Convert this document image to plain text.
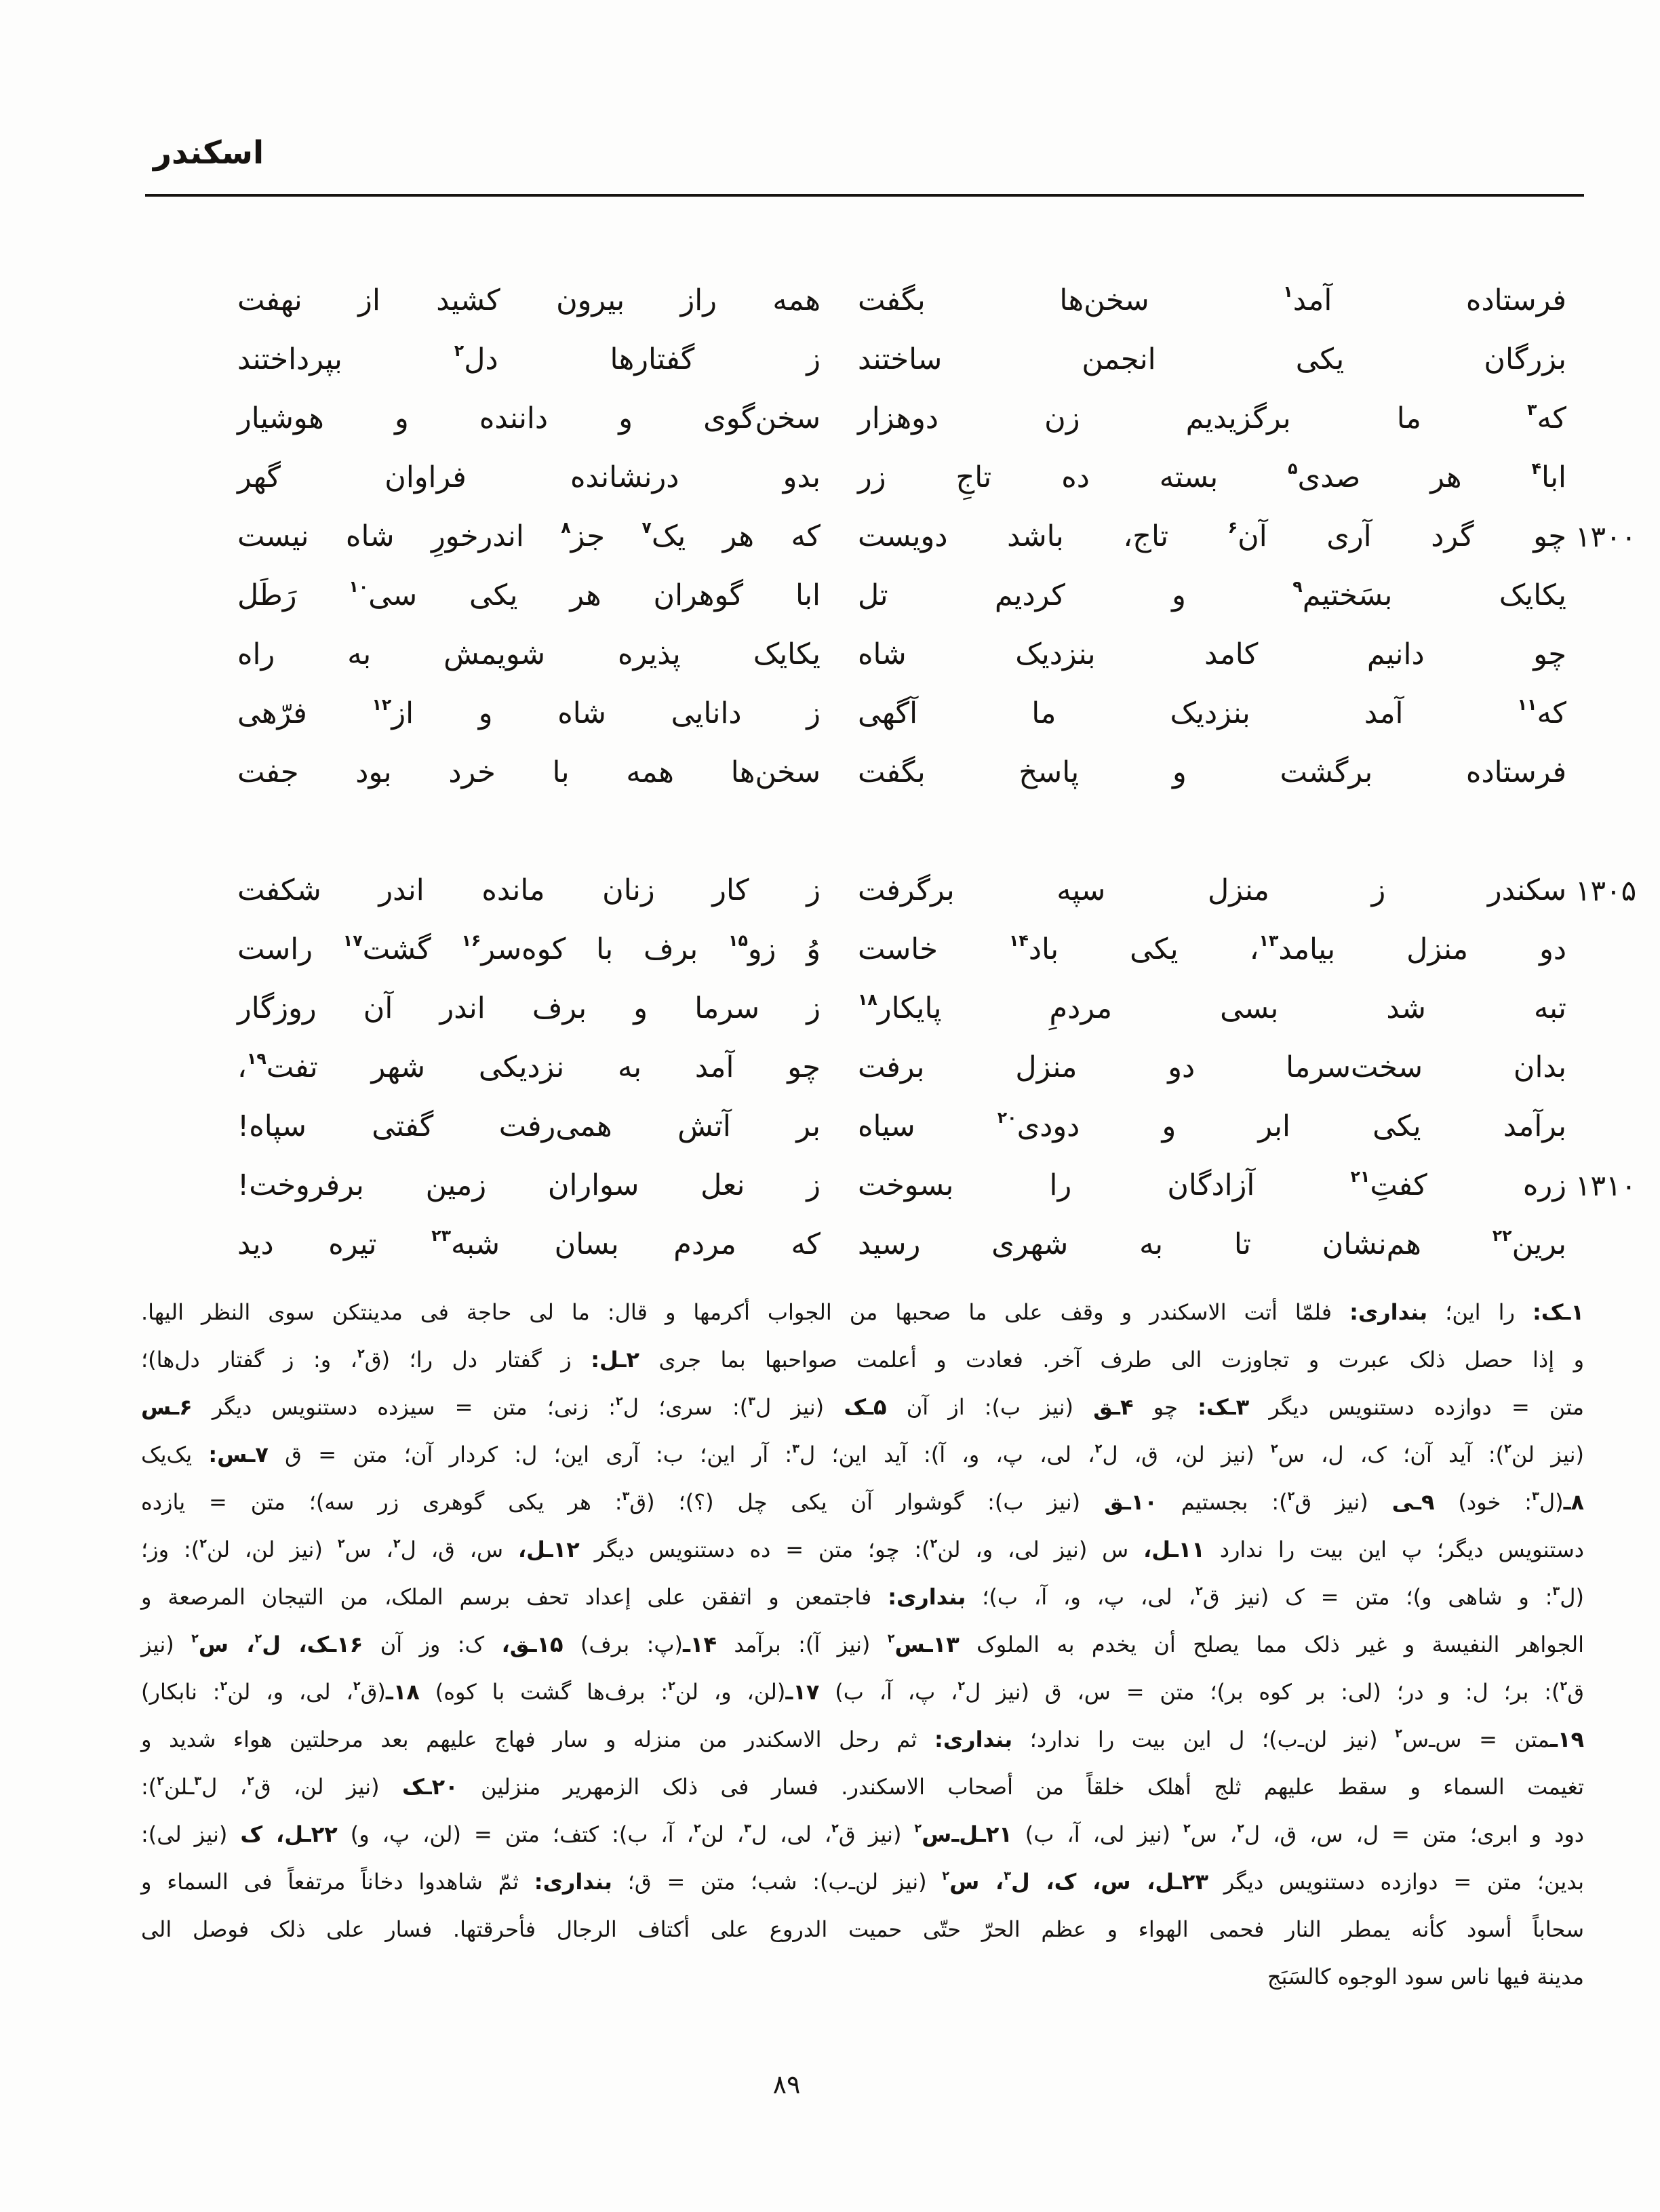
اسکندر
فرستاده آمد$^۱$ سخن‌ها بگفت
همه راز بیرون کشید از نهفت
بزرگان یکی انجمن ساختند
ز گفتارها دل$^۲$ بپرداختند
که$^۳$ ما برگزیدیم زن دوهزار
سخن‌گوی و داننده و هوشیار
ابا$^۴$ هر صدی$^۵$ بسته ده تاجِ زر
بدو درنشانده فراوان گهر
۱۳۰۰
چو گرد آری آن$^۶$ تاج، باشد دویست
که هر یک$^۷$ جز$^۸$ اندرخورِ شاه نیست
یکایک بسَختیم$^۹$ و کردیم تل
ابا گوهران هر یکی سی$^{۱۰}$ رَطَل
چو دانیم کامد بنزدیک شاه
یکایک پذیره شویمش به راه
که$^{۱۱}$ آمد بنزدیک ما آگهی
ز دانایی شاه و از$^{۱۲}$ فرّهی
فرستاده برگشت و پاسخ بگفت
سخن‌ها همه با خرد بود جفت
۱۳۰۵
سکندر ز منزل سپه برگرفت
ز کار زنان مانده اندر شکفت
دو منزل بیامد$^{۱۳}$، یکی باد$^{۱۴}$ خاست
وُ زو$^{۱۵}$ برف با کوه‌سر$^{۱۶}$ گشت$^{۱۷}$ راست
تبه شد بسی مردمِ پایکار$^{۱۸}$
ز سرما و برف اندر آن روزگار
بدان سخت‌سرما دو منزل برفت
چو آمد به نزدیکی شهر تفت$^{۱۹}$،
برآمد یکی ابر و دودی$^{۲۰}$ سیاه
بر آتش همی‌رفت گفتی سپاه!
۱۳۱۰
زره کفتِ$^{۲۱}$ آزادگان را بسوخت
ز نعل سواران زمین برفروخت!
برین$^{۲۲}$ هم‌نشان تا به شهری رسید
که مردم بسان شبه$^{۲۳}$ تیره دید
۱ـک: را این؛ بنداری: فلمّا أتت الاسکندر و وقف علی ما صحبها من الجواب أکرمها و قال: ما لی حاجة فی مدینتکن سوی النظر الیها.
و إذا حصل ذلک عبرت و تجاوزت الی طرف آخر. فعادت و أعلمت صواحبها بما جری ۲ـل: ز گفتار دل را؛ (ق$^۲$، و: ز گفتار دل‌ها)؛
متن = دوازده دستنویس دیگر ۳ـک: چو ۴ـق (نیز ب): از آن ۵ـک (نیز ل$^۳$): سری؛ ل$^۲$: زنی؛ متن = سیزده دستنویس دیگر ۶ـس
(نیز لن$^۲$): آید آن؛ ک، ل، س$^۲$ (نیز لن، ق، ل$^۲$، لی، پ، و، آ): آید این؛ ل$^۳$: آر این؛ ب: آری این؛ ل: کردار آن؛ متن = ق ۷ـس: یک‌یک
۸ـ(ل$^۳$: خود) ۹ـی (نیز ق$^۲$): بجستیم ۱۰ـق (نیز ب): گوشوار آن یکی چل (؟)؛ (ق$^۳$: هر یکی گوهری زر سه)؛ متن = یازده
دستنویس دیگر؛ پ این بیت را ندارد ۱۱ـل، س (نیز لی، و، لن$^۲$): چو؛ متن = ده دستنویس دیگر ۱۲ـل، س، ق، ل$^۲$، س$^۲$ (نیز لن، لن$^۲$): وز؛
(ل$^۳$: و شاهی و)؛ متن = ک (نیز ق$^۲$، لی، پ، و، آ، ب)؛ بنداری: فاجتمعن و اتفقن علی إعداد تحف برسم الملک، من التیجان المرصعة و
الجواهر النفیسة و غیر ذلک مما یصلح أن یخدم به الملوک ۱۳ـس$^۲$ (نیز آ): برآمد ۱۴ـ(پ: برف) ۱۵ـق، ک: وز آن ۱۶ـک، ل$^۲$، س$^۲$ (نیز
ق$^۲$): بر؛ ل: و در؛ (لی: بر کوه بر)؛ متن = س، ق (نیز ل$^۲$، پ، آ، ب) ۱۷ـ(لن، و، لن$^۲$: برف‌ها گشت با کوه) ۱۸ـ(ق$^۲$، لی، و، لن$^۲$: نابکار)
۱۹ـمتن = س‌ـ‌س$^۲$ (نیز لن‌ـ‌ب)؛ ل این بیت را ندارد؛ بنداری: ثم رحل الاسکندر من منزله و سار فهاج علیهم بعد مرحلتین هواء شدید و
تغیمت السماء و سقط علیهم ثلج أهلک خلقاً من أصحاب الاسکندر. فسار فی ذلک الزمهریر منزلین ۲۰ـک (نیز لن، ق$^۲$، ل$^۳$ـلن$^۲$):
دود و ابری؛ متن = ل، س، ق، ل$^۲$، س$^۲$ (نیز لی، آ، ب) ۲۱ـل‌ـ‌س$^۲$ (نیز ق$^۲$، لی، ل$^۳$، لن$^۲$، آ، ب): کتف؛ متن = (لن، پ، و) ۲۲ـل، ک (نیز لی):
بدین؛ متن = دوازده دستنویس دیگر ۲۳ـل، س، ک، ل$^۳$، س$^۲$ (نیز لن‌ـ‌ب): شب؛ متن = ق؛ بنداری: ثمّ شاهدوا دخاناً مرتفعاً فی السماء و
سحاباً أسود کأنه یمطر النار فحمی الهواء و عظم الحرّ حتّی حمیت الدروع علی أکتاف الرجال فأحرقتها. فسار علی ذلک فوصل الی
مدینة فیها ناس سود الوجوه کالسَبَج
۸۹
